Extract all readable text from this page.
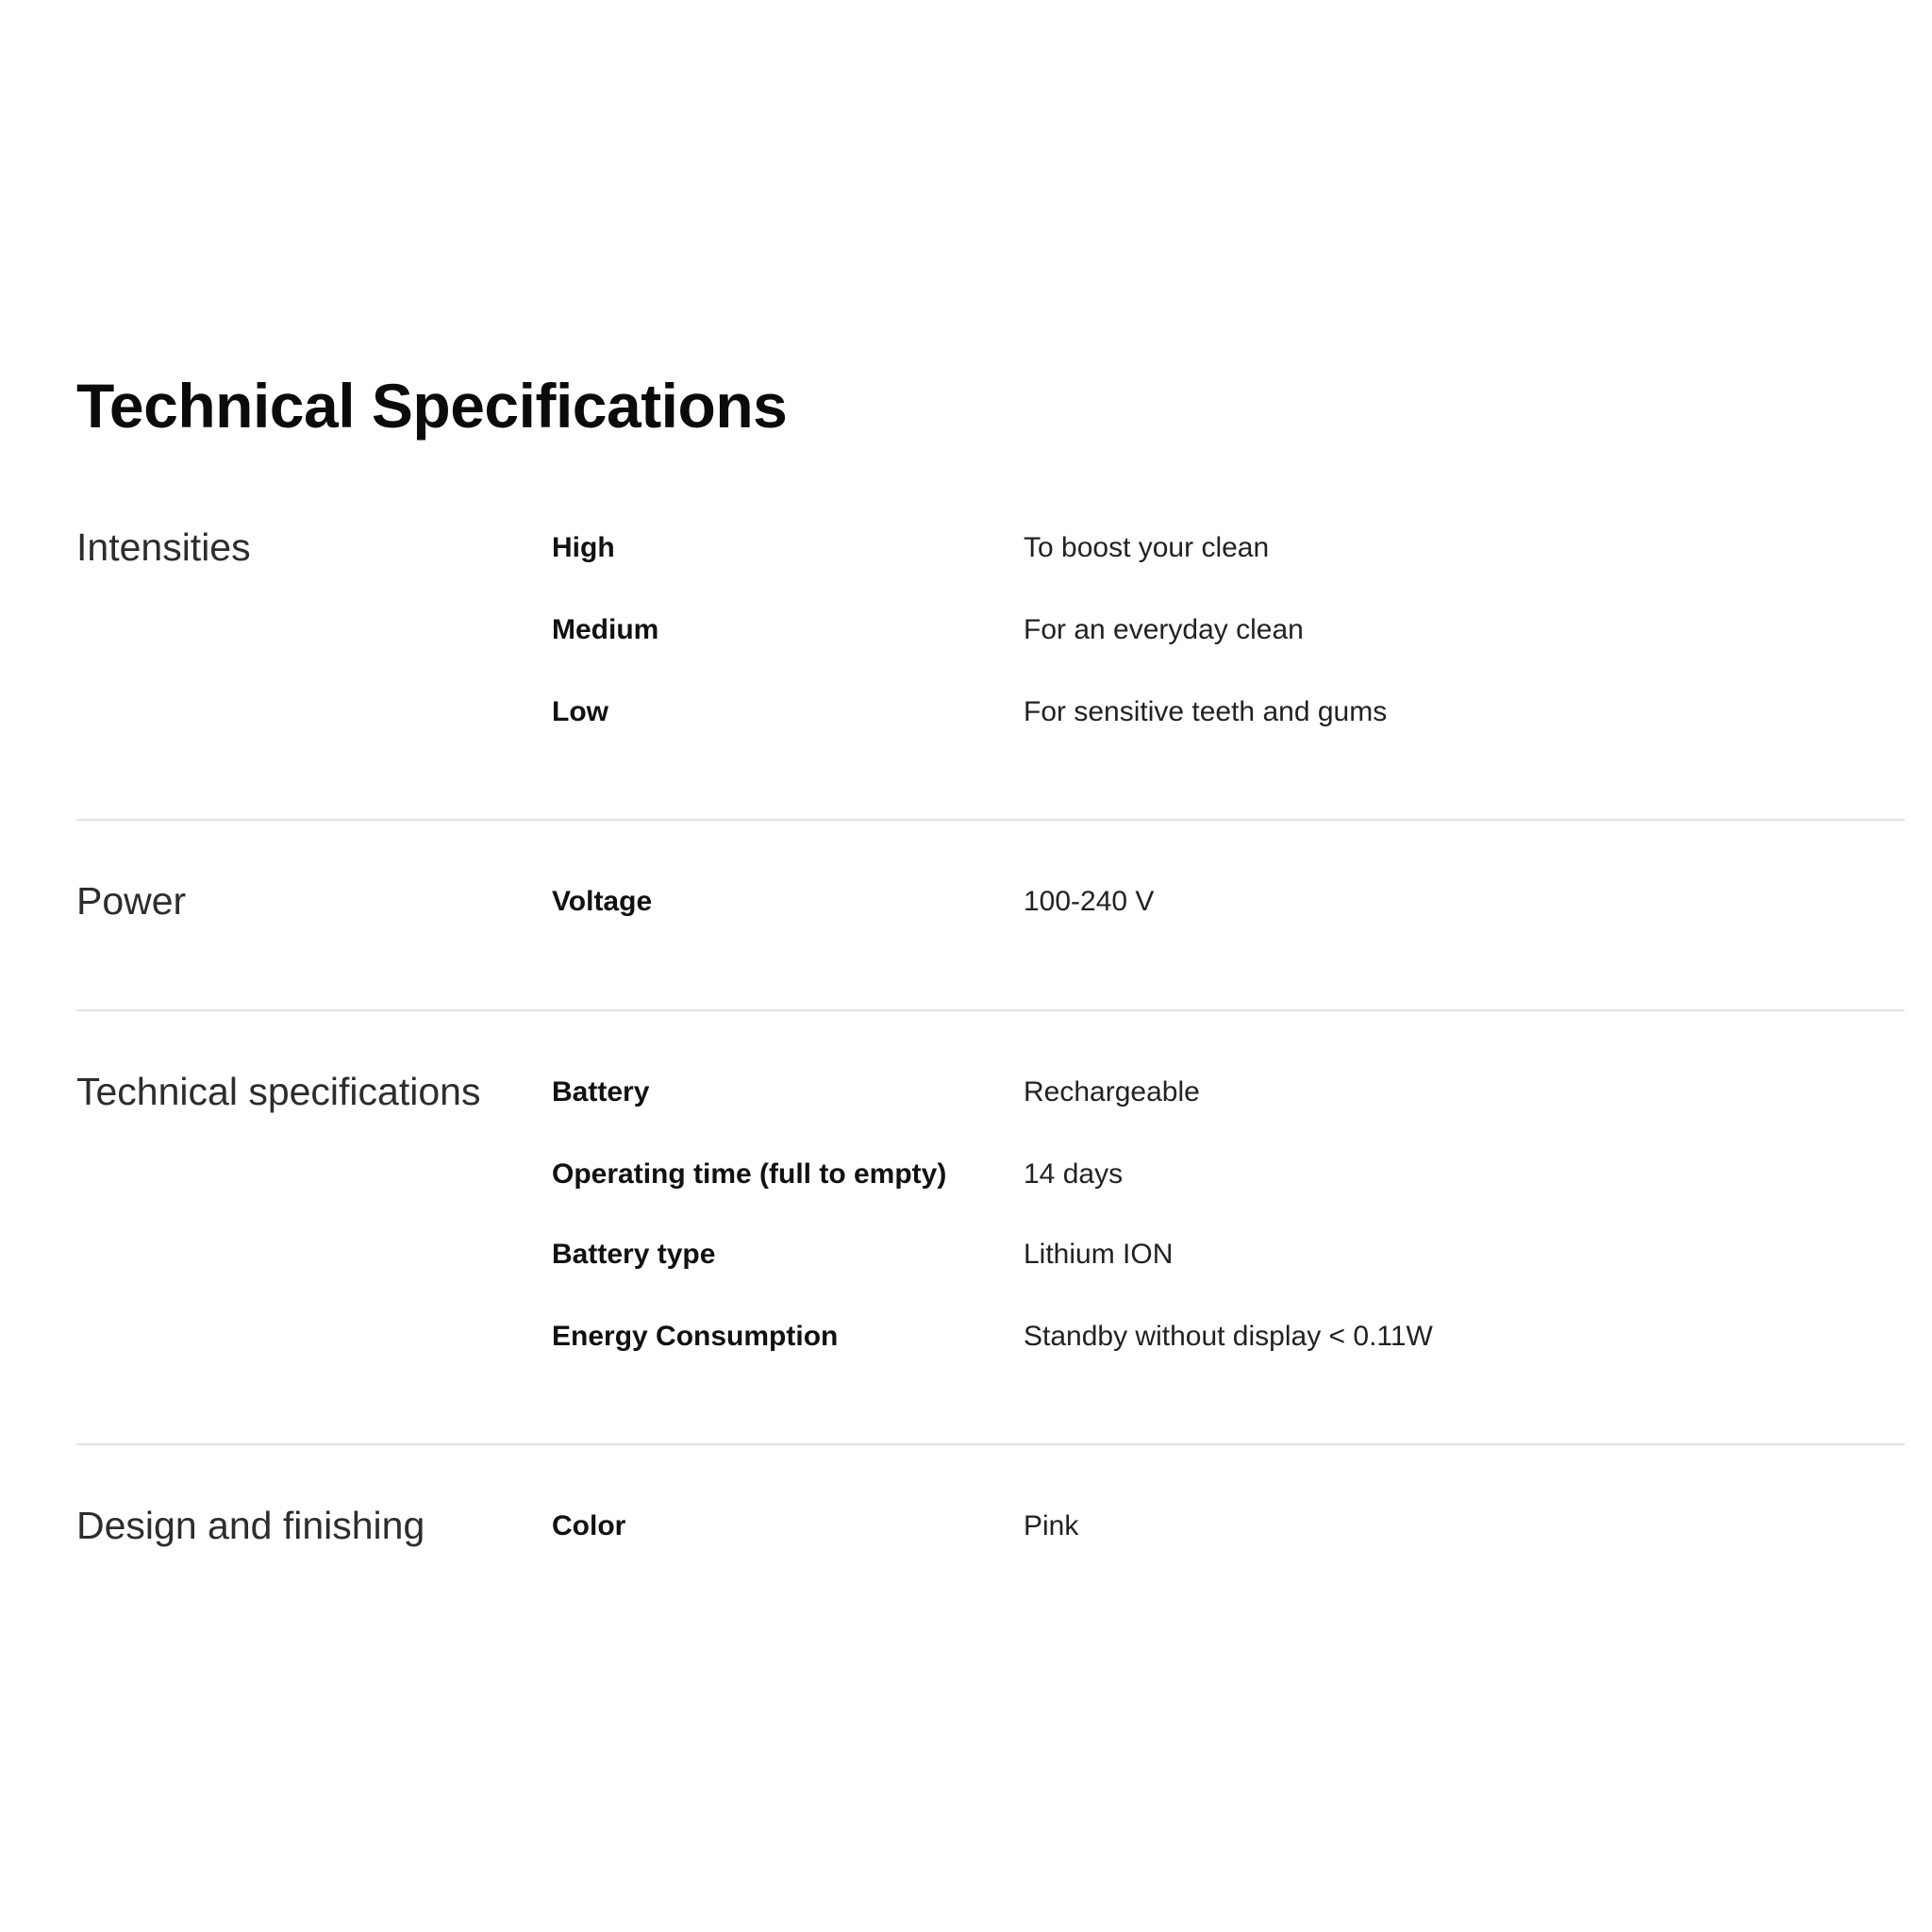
Technical Specifications
Intensities	High	To boost your clean
Medium	For an everyday clean
Low	For sensitive teeth and gums
Power	Voltage	100-240 V
Technical specifications	Battery	Rechargeable
Operating time (full to empty)	14 days
Battery type	Lithium ION
Energy Consumption	Standby without display < 0.11W
Design and finishing	Color	Pink
